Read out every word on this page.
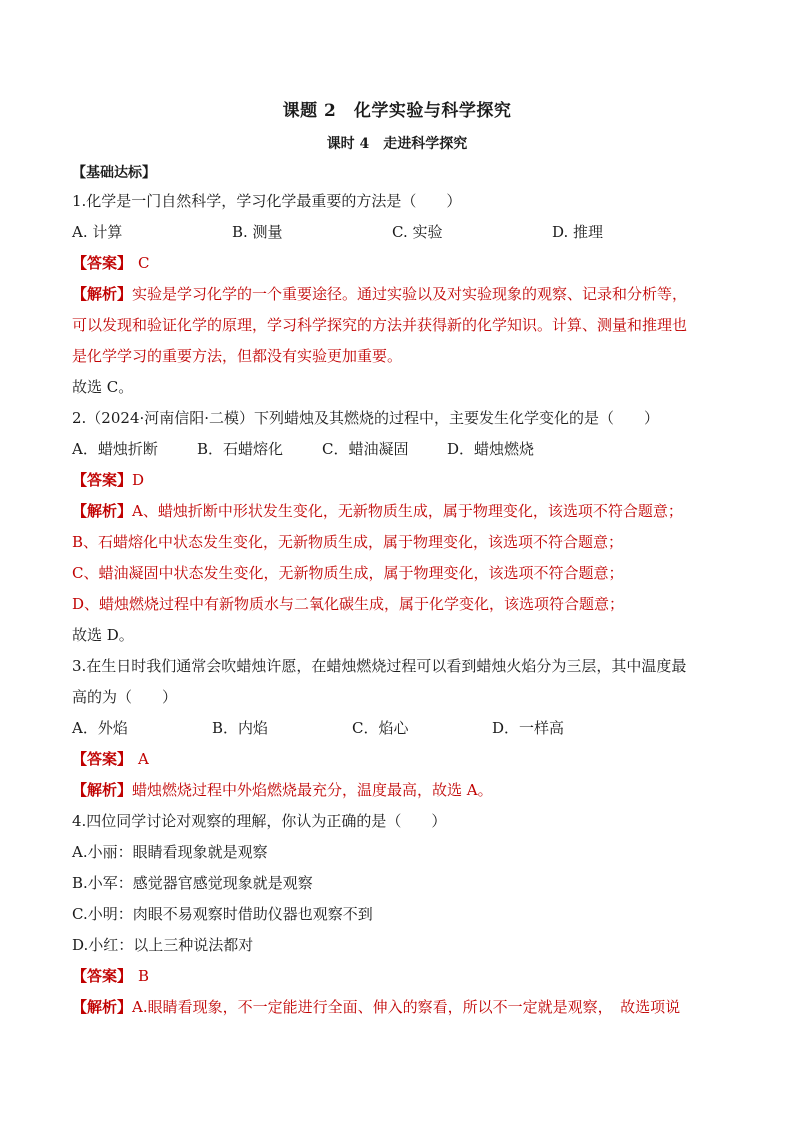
课题 2　化学实验与科学探究
课时 4　走进科学探究
【基础达标】
1.化学是一门自然科学，学习化学最重要的方法是（　　）
A. 计算	B. 测量	C. 实验	D. 推理
【答案】 C
【解析】实验是学习化学的一个重要途径。通过实验以及对实验现象的观察、记录和分析等，
可以发现和验证化学的原理，学习科学探究的方法并获得新的化学知识。计算、测量和推理也
是化学学习的重要方法，但都没有实验更加重要。
故选 C。
2.（2024·河南信阳·二模）下列蜡烛及其燃烧的过程中，主要发生化学变化的是（　　）
A．蜡烛折断	B．石蜡熔化	C．蜡油凝固	D．蜡烛燃烧
【答案】D
【解析】A、蜡烛折断中形状发生变化，无新物质生成，属于物理变化，该选项不符合题意；
B、石蜡熔化中状态发生变化，无新物质生成，属于物理变化，该选项不符合题意；
C、蜡油凝固中状态发生变化，无新物质生成，属于物理变化，该选项不符合题意；
D、蜡烛燃烧过程中有新物质水与二氧化碳生成，属于化学变化，该选项符合题意；
故选 D。
3.在生日时我们通常会吹蜡烛许愿，在蜡烛燃烧过程可以看到蜡烛火焰分为三层，其中温度最
高的为（　　）
A．外焰	B．内焰	C．焰心	D．一样高
【答案】 A
【解析】蜡烛燃烧过程中外焰燃烧最充分，温度最高，故选 A。
4.四位同学讨论对观察的理解，你认为正确的是（　　）
A.小丽：眼睛看现象就是观察
B.小军：感觉器官感觉现象就是观察
C.小明：肉眼不易观察时借助仪器也观察不到
D.小红：以上三种说法都对
【答案】 B
【解析】A.眼睛看现象，不一定能进行全面、伸入的察看，所以不一定就是观察，　故选项说
